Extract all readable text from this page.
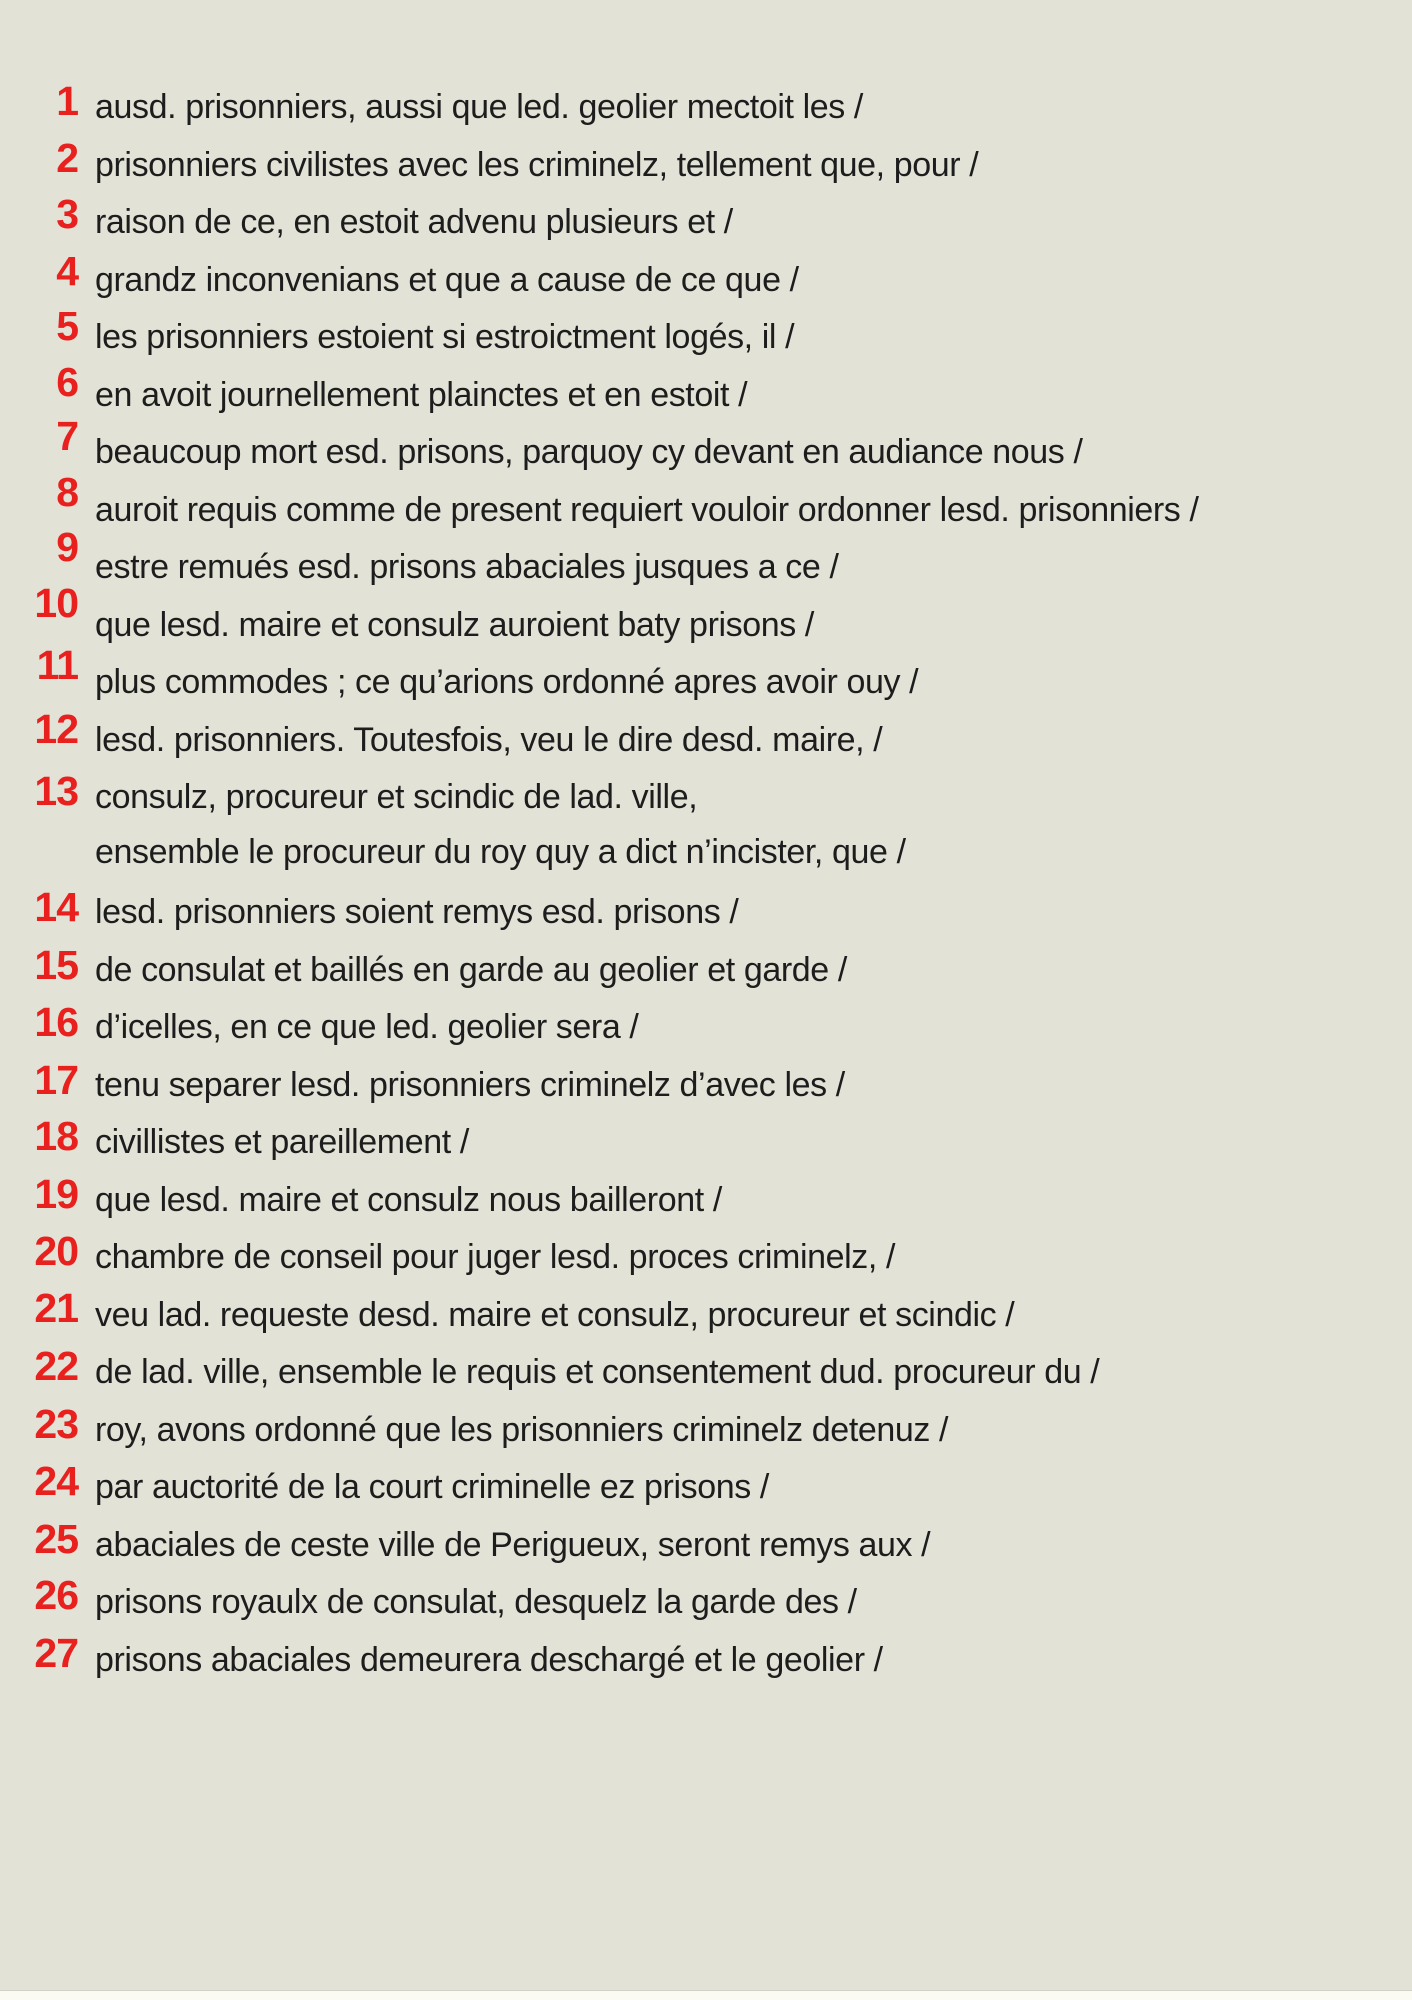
1 ausd. prisonniers, aussi que led. geolier mectoit les /
2 prisonniers civilistes avec les criminelz, tellement que, pour /
3 raison de ce, en estoit advenu plusieurs et /
4 grandz inconvenians et que a cause de ce que /
5 les prisonniers estoient si estroictment logés, il /
6 en avoit journellement plainctes et en estoit /
7 beaucoup mort esd. prisons, parquoy cy devant en audiance nous /
8 auroit requis comme de present requiert vouloir ordonner lesd. prisonniers /
9 estre remués esd. prisons abaciales jusques a ce /
10 que lesd. maire et consulz auroient baty prisons /
11 plus commodes ; ce qu’arions ordonné apres avoir ouy /
12 lesd. prisonniers. Toutesfois, veu le dire desd. maire, /
13 consulz, procureur et scindic de lad. ville,
ensemble le procureur du roy quy a dict n’incister, que /
14 lesd. prisonniers soient remys esd. prisons /
15 de consulat et baillés en garde au geolier et garde /
16 d’icelles, en ce que led. geolier sera /
17 tenu separer lesd. prisonniers criminelz d’avec les /
18 civillistes et pareillement /
19 que lesd. maire et consulz nous bailleront /
20 chambre de conseil pour juger lesd. proces criminelz, /
21 veu lad. requeste desd. maire et consulz, procureur et scindic /
22 de lad. ville, ensemble le requis et consentement dud. procureur du /
23 roy, avons ordonné que les prisonniers criminelz detenuz /
24 par auctorité de la court criminelle ez prisons /
25 abaciales de ceste ville de Perigueux, seront remys aux /
26 prisons royaulx de consulat, desquelz la garde des /
27 prisons abaciales demeurera deschargé et le geolier /
